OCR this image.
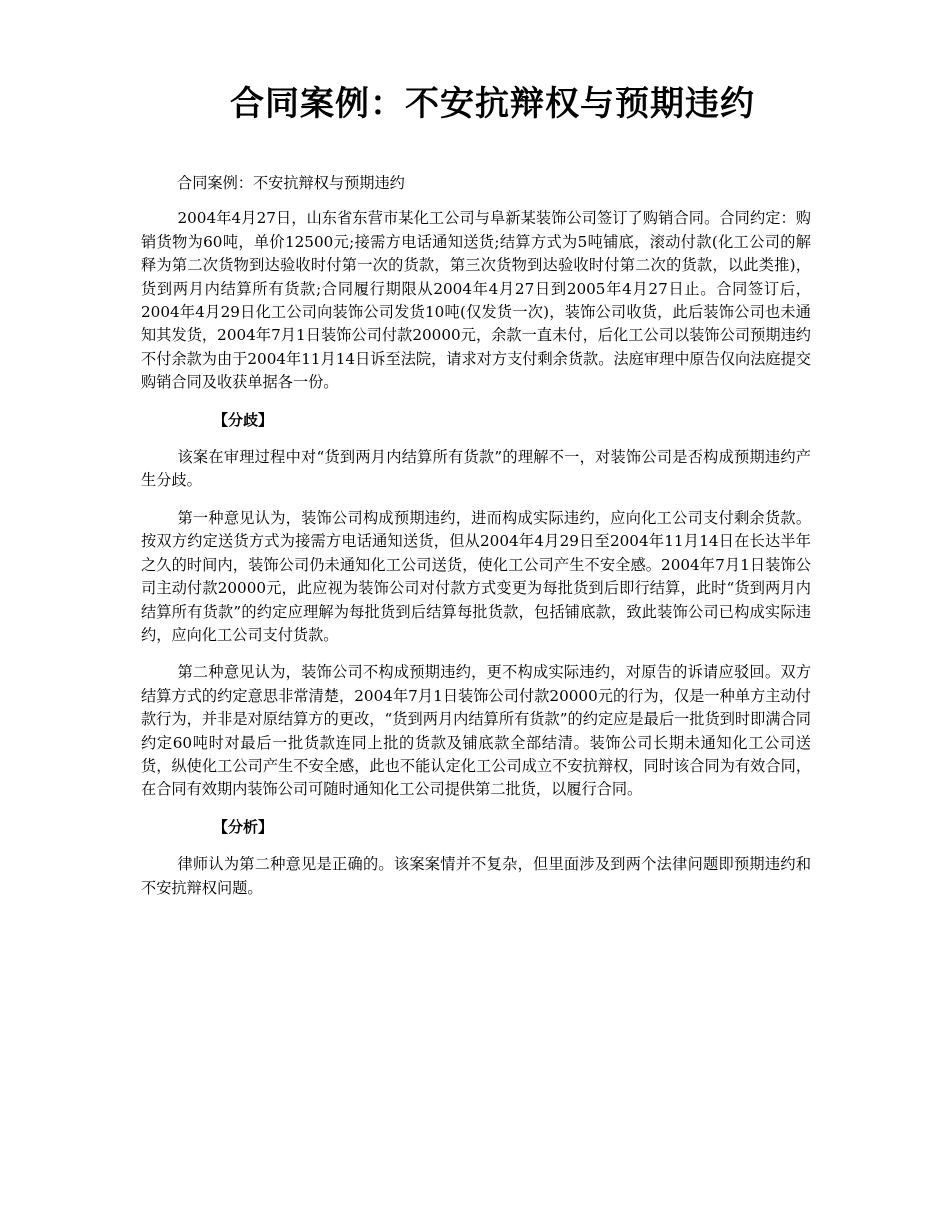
合同案例：不安抗辩权与预期违约

合同案例：不安抗辩权与预期违约

2004年4月27日，山东省东营市某化工公司与阜新某装饰公司签订了购销合同。合同约定：购销货物为60吨，单价12500元;接需方电话通知送货;结算方式为5吨铺底，滚动付款(化工公司的解释为第二次货物到达验收时付第一次的货款，第三次货物到达验收时付第二次的货款，以此类推)，货到两月内结算所有货款;合同履行期限从2004年4月27日到2005年4月27日止。合同签订后，2004年4月29日化工公司向装饰公司发货10吨(仅发货一次)，装饰公司收货，此后装饰公司也未通知其发货，2004年7月1日装饰公司付款20000元，余款一直未付，后化工公司以装饰公司预期违约不付余款为由于2004年11月14日诉至法院，请求对方支付剩余货款。法庭审理中原告仅向法庭提交购销合同及收获单据各一份。

【分歧】

该案在审理过程中对“货到两月内结算所有货款”的理解不一，对装饰公司是否构成预期违约产生分歧。

第一种意见认为，装饰公司构成预期违约，进而构成实际违约，应向化工公司支付剩余货款。按双方约定送货方式为接需方电话通知送货，但从2004年4月29日至2004年11月14日在长达半年之久的时间内，装饰公司仍未通知化工公司送货，使化工公司产生不安全感。2004年7月1日装饰公司主动付款20000元，此应视为装饰公司对付款方式变更为每批货到后即行结算，此时“货到两月内结算所有货款”的约定应理解为每批货到后结算每批货款，包括铺底款，致此装饰公司已构成实际违约，应向化工公司支付货款。

第二种意见认为，装饰公司不构成预期违约，更不构成实际违约，对原告的诉请应驳回。双方结算方式的约定意思非常清楚，2004年7月1日装饰公司付款20000元的行为，仅是一种单方主动付款行为，并非是对原结算方的更改，“货到两月内结算所有货款”的约定应是最后一批货到时即满合同约定60吨时对最后一批货款连同上批的货款及铺底款全部结清。装饰公司长期未通知化工公司送货，纵使化工公司产生不安全感，此也不能认定化工公司成立不安抗辩权，同时该合同为有效合同，在合同有效期内装饰公司可随时通知化工公司提供第二批货，以履行合同。

【分析】

律师认为第二种意见是正确的。该案案情并不复杂，但里面涉及到两个法律问题即预期违约和不安抗辩权问题。
